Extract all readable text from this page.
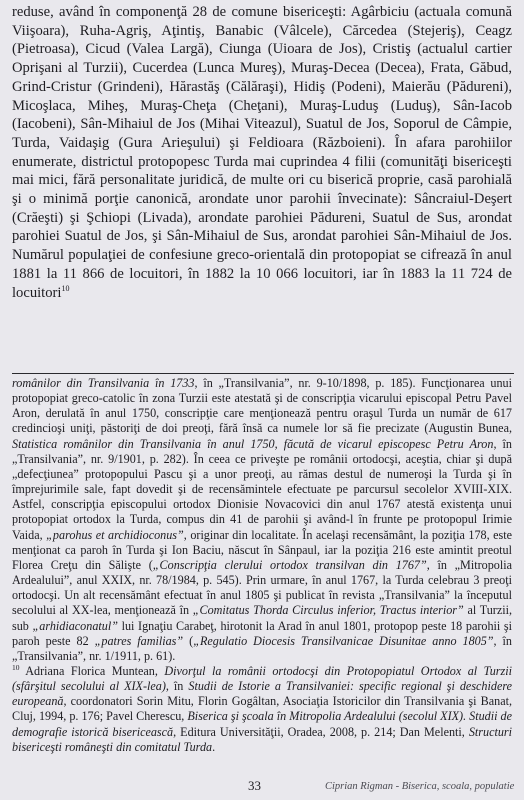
reduse, având în componenţă 28 de comune bisericeşti: Agârbiciu (actuala comună Viişoara), Ruha-Agriş, Aţintiş, Banabic (Vâlcele), Cărcedea (Stejeriş), Ceagz (Pietroasa), Cicud (Valea Largă), Ciunga (Uioara de Jos), Cristiş (actualul cartier Oprişani al Turzii), Cucerdea (Lunca Mureş), Muraş-Decea (Decea), Frata, Găbud, Grind-Cristur (Grindeni), Hărastăş (Călăraşi), Hidiş (Podeni), Maierău (Pădureni), Micoşlaca, Miheş, Muraş-Cheţa (Cheţani), Muraş-Luduş (Luduş), Sân-Iacob (Iacobeni), Sân-Mihaiul de Jos (Mihai Viteazul), Suatul de Jos, Soporul de Câmpie, Turda, Vaidaşig (Gura Arieşului) şi Feldioara (Războieni). În afara parohiilor enumerate, districtul protopopesc Turda mai cuprindea 4 filii (comunităţi bisericeşti mai mici, fără personalitate juridică, de multe ori cu biserică proprie, casă parohială şi o minimă porţie canonică, arondate unor parohii învecinate): Sâncraiul-Deşert (Crăeşti) şi Şchiopi (Livada), arondate parohiei Pădureni, Suatul de Sus, arondat parohiei Suatul de Jos, şi Sân-Mihaiul de Sus, arondat parohiei Sân-Mihaiul de Jos. Numărul populaţiei de confesiune greco-orientală din protopopiat se cifrează în anul 1881 la 11 866 de locuitori, în 1882 la 10 066 locuitori, iar în 1883 la 11 724 de locuitori$^{10}$

românilor din Transilvania în 1733, în „Transilvania”, nr. 9-10/1898, p. 185). Funcţionarea unui protopopiat greco-catolic în zona Turzii este atestată şi de conscripţia vicarului episcopal Petru Pavel Aron, derulată în anul 1750, conscripţie care menţionează pentru oraşul Turda un număr de 617 credincioşi uniţi, păstoriţi de doi preoţi, fără însă ca numele lor să fie precizate (Augustin Bunea, Statistica românilor din Transilvania în anul 1750, făcută de vicarul episcopesc Petru Aron, în „Transilvania”, nr. 9/1901, p. 282). În ceea ce priveşte pe românii ortodocşi, aceştia, chiar şi după „defecţiunea” protopopului Pascu şi a unor preoţi, au rămas destul de numeroşi la Turda şi în împrejurimile sale, fapt dovedit şi de recensămintele efectuate pe parcursul secolelor XVIII-XIX. Astfel, conscripţia episcopului ortodox Dionisie Novacovici din anul 1767 atestă existenţa unui protopopiat ortodox la Turda, compus din 41 de parohii şi având-l în frunte pe protopopul Irimie Vaida, „parohus et archidioconus”, originar din localitate. În acelaşi recensământ, la poziţia 178, este menţionat ca paroh în Turda şi Ion Baciu, născut în Sânpaul, iar la poziţia 216 este amintit preotul Florea Creţu din Sălişte („Conscripţia clerului ortodox transilvan din 1767”, în „Mitropolia Ardealului”, anul XXIX, nr. 78/1984, p. 545). Prin urmare, în anul 1767, la Turda celebrau 3 preoţi ortodocşi. Un alt recensământ efectuat în anul 1805 şi publicat în revista „Transilvania” la începutul secolului al XX-lea, menţionează în „Comitatus Thorda Circulus inferior, Tractus interior” al Turzii, sub „arhidiaconatul” lui Ignaţiu Carabeţ, hirotonit la Arad în anul 1801, protopop peste 18 parohii şi paroh peste 82 „patres familias” („Regulatio Diocesis Transilvanicae Disunitae anno 1805”, în „Transilvania”, nr. 1/1911, p. 61).

$^{10}$ Adriana Florica Muntean, Divorţul la românii ortodocşi din Protopopiatul Ortodox al Turzii (sfârşitul secolului al XIX-lea), în Studii de Istorie a Transilvaniei: specific regional şi deschidere europeană, coordonatori Sorin Mitu, Florin Gogâltan, Asociaţia Istoricilor din Transilvania şi Banat, Cluj, 1994, p. 176; Pavel Cherescu, Biserica şi şcoala în Mitropolia Ardealului (secolul XIX). Studii de demografie istorică bisericească, Editura Universităţii, Oradea, 2008, p. 214; Dan Melenti, Structuri bisericeşti româneşti din comitatul Turda.

33	Ciprian Rigman - Biserica, scoala, populatie
